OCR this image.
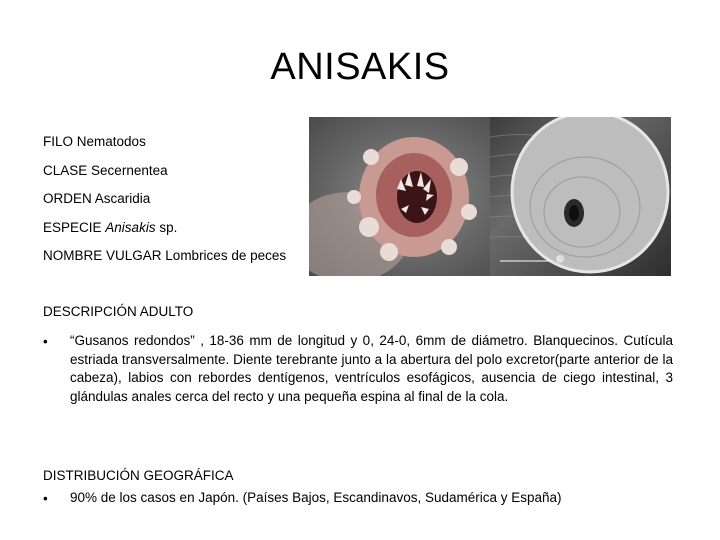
ANISAKIS
FILO Nematodos
CLASE Secernentea
ORDEN Ascaridia
ESPECIE Anisakis sp.
NOMBRE VULGAR Lombrices de peces
DESCRIPCIÓN ADULTO
• “Gusanos redondos” , 18-36 mm de longitud y 0, 24-0, 6mm de diámetro. Blanquecinos. Cutícula estriada transversalmente. Diente terebrante junto a la abertura del polo excretor(parte anterior de la cabeza), labios con rebordes dentígenos, ventrículos esofágicos, ausencia de ciego intestinal, 3 glándulas anales cerca del recto y una pequeña espina al final de la cola.
DISTRIBUCIÓN GEOGRÁFICA
• 90% de los casos en Japón. (Países Bajos, Escandinavos, Sudamérica y España)
